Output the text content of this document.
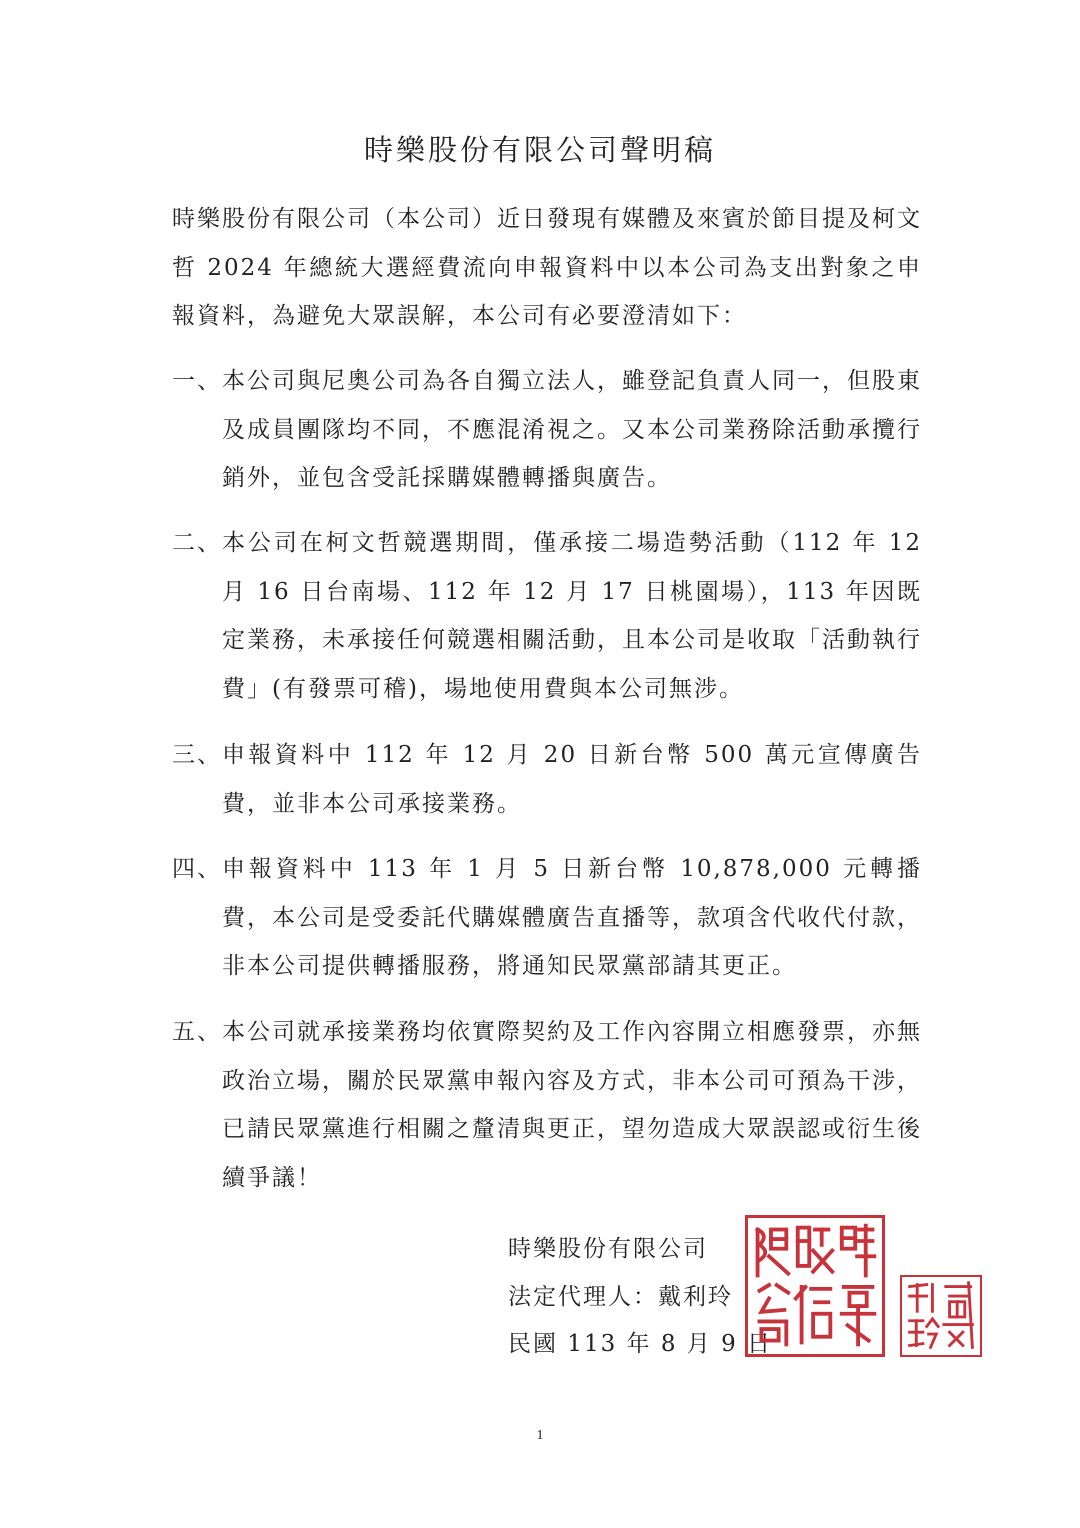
時樂股份有限公司聲明稿

時樂股份有限公司（本公司）近日發現有媒體及來賓於節目提及柯文哲 2024 年總統大選經費流向申報資料中以本公司為支出對象之申報資料，為避免大眾誤解，本公司有必要澄清如下：

一、 本公司與尼奧公司為各自獨立法人，雖登記負責人同一，但股東及成員團隊均不同，不應混淆視之。又本公司業務除活動承攬行銷外，並包含受託採購媒體轉播與廣告。
二、 本公司在柯文哲競選期間，僅承接二場造勢活動（112 年 12 月 16 日台南場、112 年 12 月 17 日桃園場），113 年因既定業務，未承接任何競選相關活動，且本公司是收取「活動執行費」(有發票可稽)，場地使用費與本公司無涉。
三、 申報資料中 112 年 12 月 20 日新台幣 500 萬元宣傳廣告費，並非本公司承接業務。
四、 申報資料中 113 年 1 月 5 日新台幣 10,878,000 元轉播費，本公司是受委託代購媒體廣告直播等，款項含代收代付款，非本公司提供轉播服務，將通知民眾黨部請其更正。
五、 本公司就承接業務均依實際契約及工作內容開立相應發票，亦無政治立場，關於民眾黨申報內容及方式，非本公司可預為干涉，已請民眾黨進行相關之釐清與更正，望勿造成大眾誤認或衍生後續爭議！
時樂股份有限公司
法定代理人：戴利玲
民國 113 年 8 月 9 日
1
